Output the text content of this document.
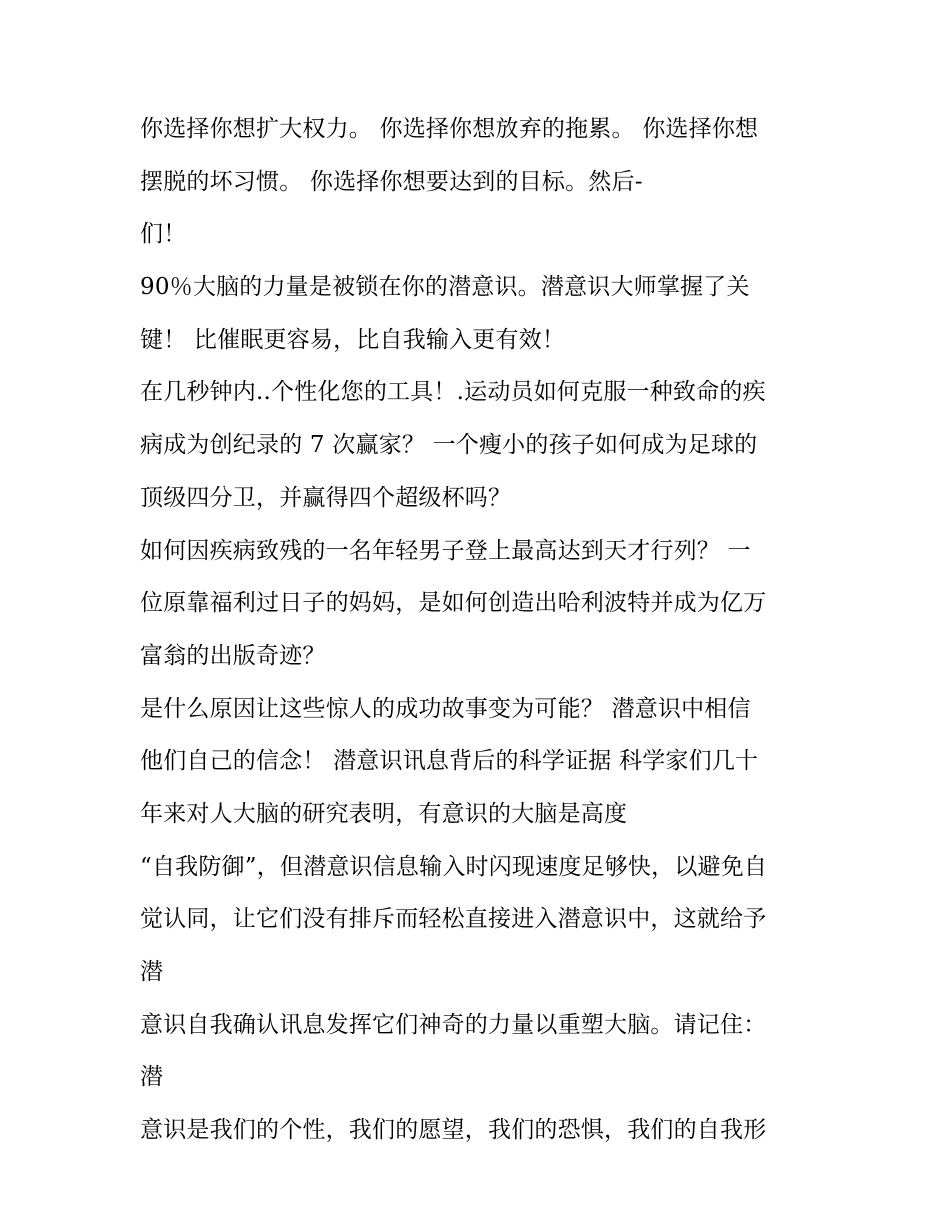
你选择你想扩大权力。 你选择你想放弃的拖累。 你选择你想
摆脱的坏习惯。 你选择你想要达到的目标。然后-
们！
90％大脑的力量是被锁在你的潜意识。潜意识大师掌握了关
键！ 比催眠更容易，比自我输入更有效！
在几秒钟内..个性化您的工具！.运动员如何克服一种致命的疾
病成为创纪录的 7 次赢家？ 一个瘦小的孩子如何成为足球的
顶级四分卫，并赢得四个超级杯吗？
如何因疾病致残的一名年轻男子登上最高达到天才行列？ 一
位原靠福利过日子的妈妈，是如何创造出哈利波特并成为亿万
富翁的出版奇迹？
是什么原因让这些惊人的成功故事变为可能？ 潜意识中相信
他们自己的信念！ 潜意识讯息背后的科学证据 科学家们几十
年来对人大脑的研究表明，有意识的大脑是高度
“自我防御”，但潜意识信息输入时闪现速度足够快，以避免自
觉认同，让它们没有排斥而轻松直接进入潜意识中，这就给予
潜
意识自我确认讯息发挥它们神奇的力量以重塑大脑。请记住：
潜
意识是我们的个性，我们的愿望，我们的恐惧，我们的自我形
